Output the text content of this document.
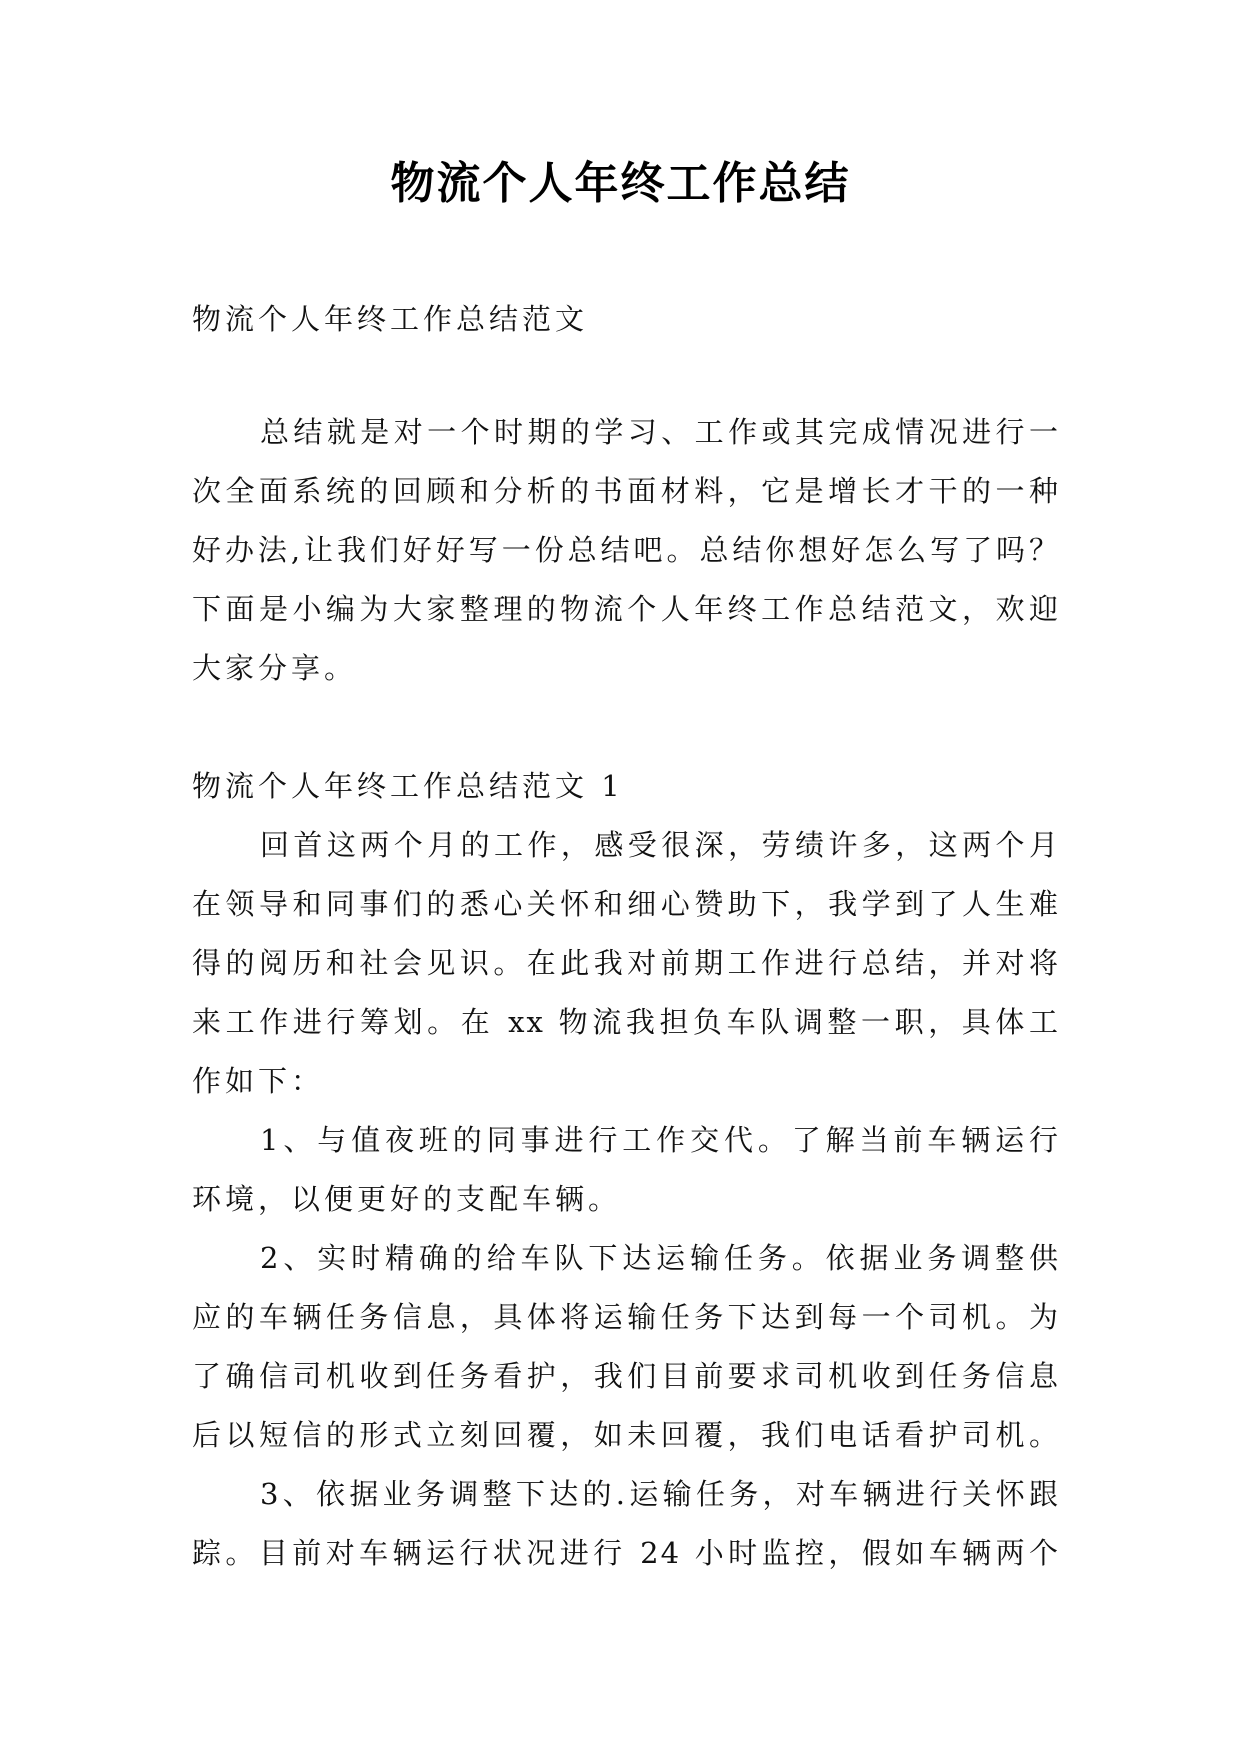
物流个人年终工作总结
物流个人年终工作总结范文
总结就是对一个时期的学习、工作或其完成情况进行一
次全面系统的回顾和分析的书面材料，它是增长才干的一种
好办法,让我们好好写一份总结吧。总结你想好怎么写了吗？
下面是小编为大家整理的物流个人年终工作总结范文，欢迎
大家分享。
物流个人年终工作总结范文 1
回首这两个月的工作，感受很深，劳绩许多，这两个月
在领导和同事们的悉心关怀和细心赞助下，我学到了人生难
得的阅历和社会见识。在此我对前期工作进行总结，并对将
来工作进行筹划。在 xx 物流我担负车队调整一职，具体工
作如下：
1、与值夜班的同事进行工作交代。了解当前车辆运行
环境，以便更好的支配车辆。
2、实时精确的给车队下达运输任务。依据业务调整供
应的车辆任务信息，具体将运输任务下达到每一个司机。为
了确信司机收到任务看护，我们目前要求司机收到任务信息
后以短信的形式立刻回覆，如未回覆，我们电话看护司机。
3、依据业务调整下达的.运输任务，对车辆进行关怀跟
踪。目前对车辆运行状况进行 24 小时监控，假如车辆两个
